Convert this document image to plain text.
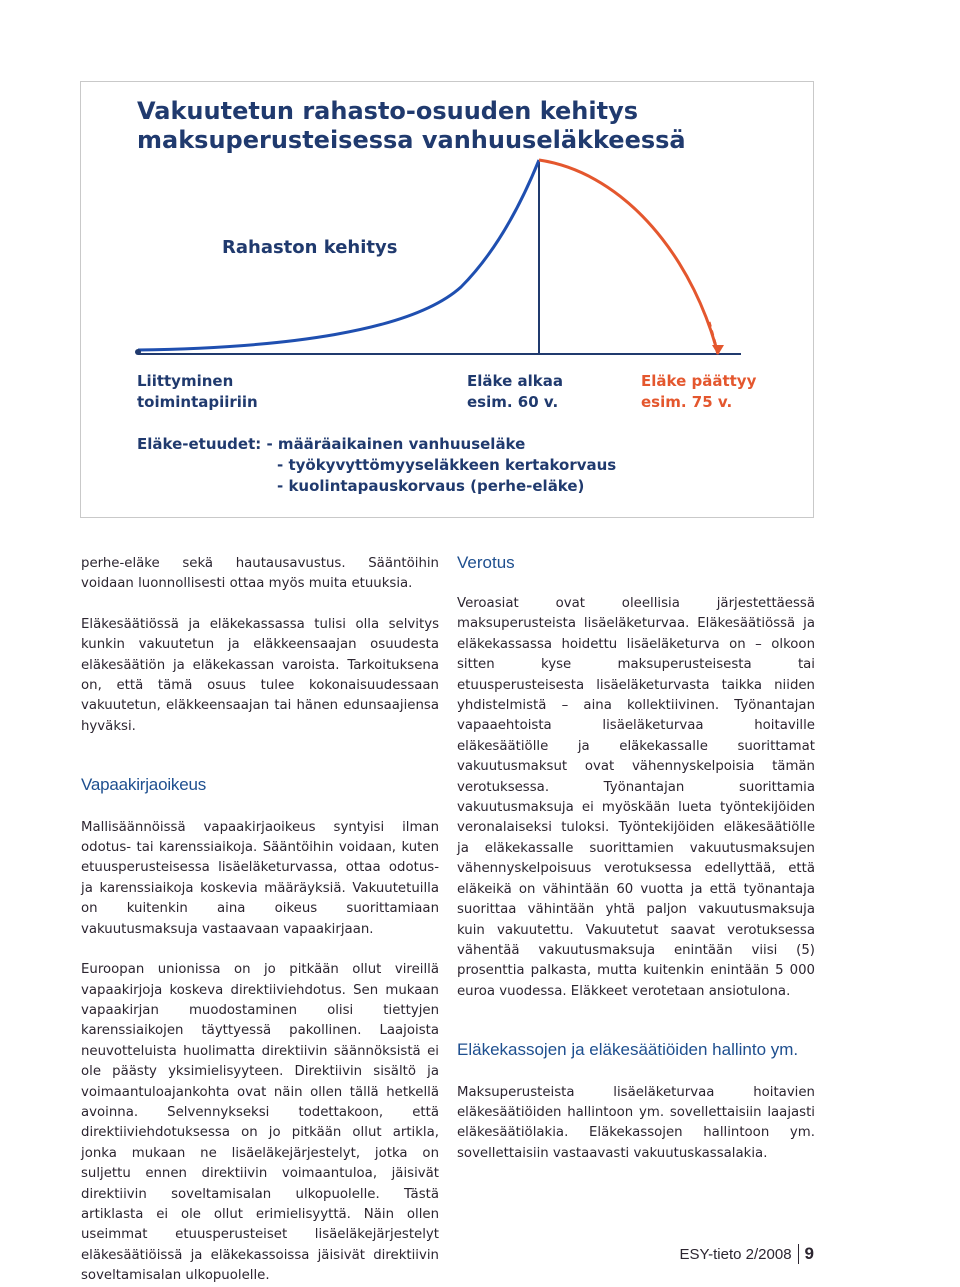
Vakuutetun rahasto-osuuden kehitys
maksuperusteisessa vanhuuseläkkeessä
Rahaston kehitys
Liittyminen
toimintapiiriin
Eläke alkaa
esim. 60 v.
Eläke päättyy
esim. 75 v.
Eläke-etuudet: - määräaikainen vanhuuseläke
- työkyvyttömyyseläkkeen kertakorvaus
- kuolintapauskorvaus (perhe-eläke)

perhe-eläke sekä hautausavustus. Sääntöihin voidaan luonnollisesti ottaa myös muita etuuksia.

Eläkesäätiössä ja eläkekassassa tulisi olla selvitys kunkin vakuutetun ja eläkkeensaajan osuudesta eläkesäätiön ja eläkekassan varoista. Tarkoituksena on, että tämä osuus tulee kokonaisuudessaan vakuutetun, eläkkeensaajan tai hänen edunsaajiensa hyväksi.

Vapaakirjaoikeus

Mallisäännöissä vapaakirjaoikeus syntyisi ilman odotus- tai karenssiaikoja. Sääntöihin voidaan, kuten etuusperusteisessa lisäeläketurvassa, ottaa odotus- ja karenssiaikoja koskevia määräyksiä. Vakuutetuilla on kuitenkin aina oikeus suorittamiaan vakuutusmaksuja vastaavaan vapaakirjaan.

Euroopan unionissa on jo pitkään ollut vireillä vapaakirjoja koskeva direktiiviehdotus. Sen mukaan vapaakirjan muodostaminen olisi tiettyjen karenssiaikojen täyttyessä pakollinen. Laajoista neuvotteluista huolimatta direktiivin säännöksistä ei ole päästy yksimielisyyteen. Direktiivin sisältö ja voimaantuloajankohta ovat näin ollen tällä hetkellä avoinna. Selvennykseksi todettakoon, että direktiiviehdotuksessa on jo pitkään ollut artikla, jonka mukaan ne lisäeläkejärjestelyt, jotka on suljettu ennen direktiivin voimaantuloa, jäisivät direktiivin soveltamisalan ulkopuolelle. Tästä artiklasta ei ole ollut erimielisyyttä. Näin ollen useimmat etuusperusteiset lisäeläkejärjestelyt eläkesäätiöissä ja eläkekassoissa jäisivät direktiivin soveltamisalan ulkopuolelle.

Verotus

Veroasiat ovat oleellisia järjestettäessä maksuperusteista lisäeläketurvaa. Eläkesäätiössä ja eläkekassassa hoidettu lisäeläketurva on – olkoon sitten kyse maksuperusteisesta tai etuusperusteisesta lisäeläketurvasta taikka niiden yhdistelmistä – aina kollektiivinen. Työnantajan vapaaehtoista lisäeläketurvaa hoitaville eläkesäätiölle ja eläkekassalle suorittamat vakuutusmaksut ovat vähennyskelpoisia tämän verotuksessa. Työnantajan suorittamia vakuutusmaksuja ei myöskään lueta työntekijöiden veronalaiseksi tuloksi. Työntekijöiden eläkesäätiölle ja eläkekassalle suorittamien vakuutusmaksujen vähennyskelpoisuus verotuksessa edellyttää, että eläkeikä on vähintään 60 vuotta ja että työnantaja suorittaa vähintään yhtä paljon vakuutusmaksuja kuin vakuutettu. Vakuutetut saavat verotuksessa vähentää vakuutusmaksuja enintään viisi (5) prosenttia palkasta, mutta kuitenkin enintään 5 000 euroa vuodessa. Eläkkeet verotetaan ansiotulona.

Eläkekassojen ja eläkesäätiöiden hallinto ym.

Maksuperusteista lisäeläketurvaa hoitavien eläkesäätiöiden hallintoon ym. sovellettaisiin laajasti eläkesäätiölakia. Eläkekassojen hallintoon ym. sovellettaisiin vastaavasti vakuutuskassalakia.

ESY-tieto 2/2008 9
